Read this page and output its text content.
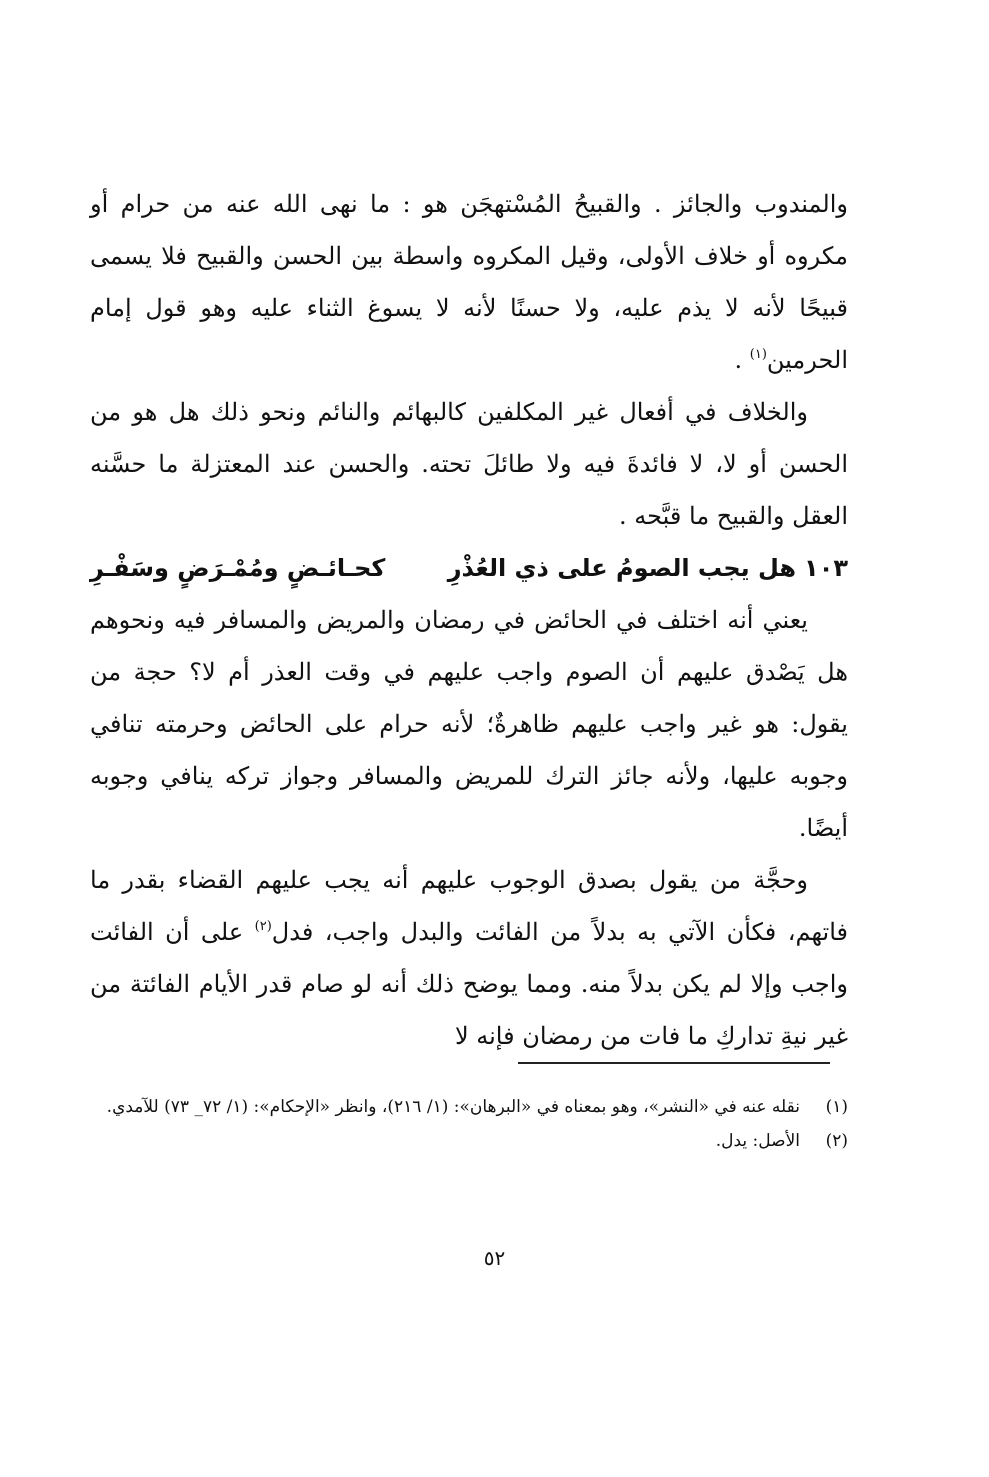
والمندوب والجائز . والقبيحُ المُسْتهجَن هو : ما نهى الله عنه من حرام أو مكروه أو خلاف الأولى، وقيل المكروه واسطة بين الحسن والقبيح فلا يسمى قبيحًا لأنه لا يذم عليه، ولا حسنًا لأنه لا يسوغ الثناء عليه وهو قول إمام الحرمين$^{(١)}$ .

والخلاف في أفعال غير المكلفين كالبهائم والنائم ونحو ذلك هل هو من الحسن أو لا، لا فائدةَ فيه ولا طائلَ تحته. والحسن عند المعتزلة ما حسَّنه العقل والقبيح ما قبَّحه .

١٠٣
هل يجب الصومُ على ذي العُذْرِ
كحـائـضٍ ومُمْـرَضٍ وسَفْـرِ

يعني أنه اختلف في الحائض في رمضان والمريض والمسافر فيه ونحوهم هل يَصْدق عليهم أن الصوم واجب عليهم في وقت العذر أم لا؟ حجة من يقول: هو غير واجب عليهم ظاهرةٌ؛ لأنه حرام على الحائض وحرمته تنافي وجوبه عليها، ولأنه جائز الترك للمريض والمسافر وجواز تركه ينافي وجوبه أيضًا.

وحجَّة من يقول بصدق الوجوب عليهم أنه يجب عليهم القضاء بقدر ما فاتهم، فكأن الآتي به بدلاً من الفائت والبدل واجب، فدل$^{(٢)}$ على أن الفائت واجب وإلا لم يكن بدلاً منه. ومما يوضح ذلك أنه لو صام قدر الأيام الفائتة من غير نيةِ تداركِ ما فات من رمضان فإنه لا

(١)
نقله عنه في «النشر»، وهو بمعناه في «البرهان»: (١/ ٢١٦)، وانظر «الإحكام»: (١/ ٧٢_ ٧٣) للآمدي.
(٢)
الأصل: يدل.
٥٢
